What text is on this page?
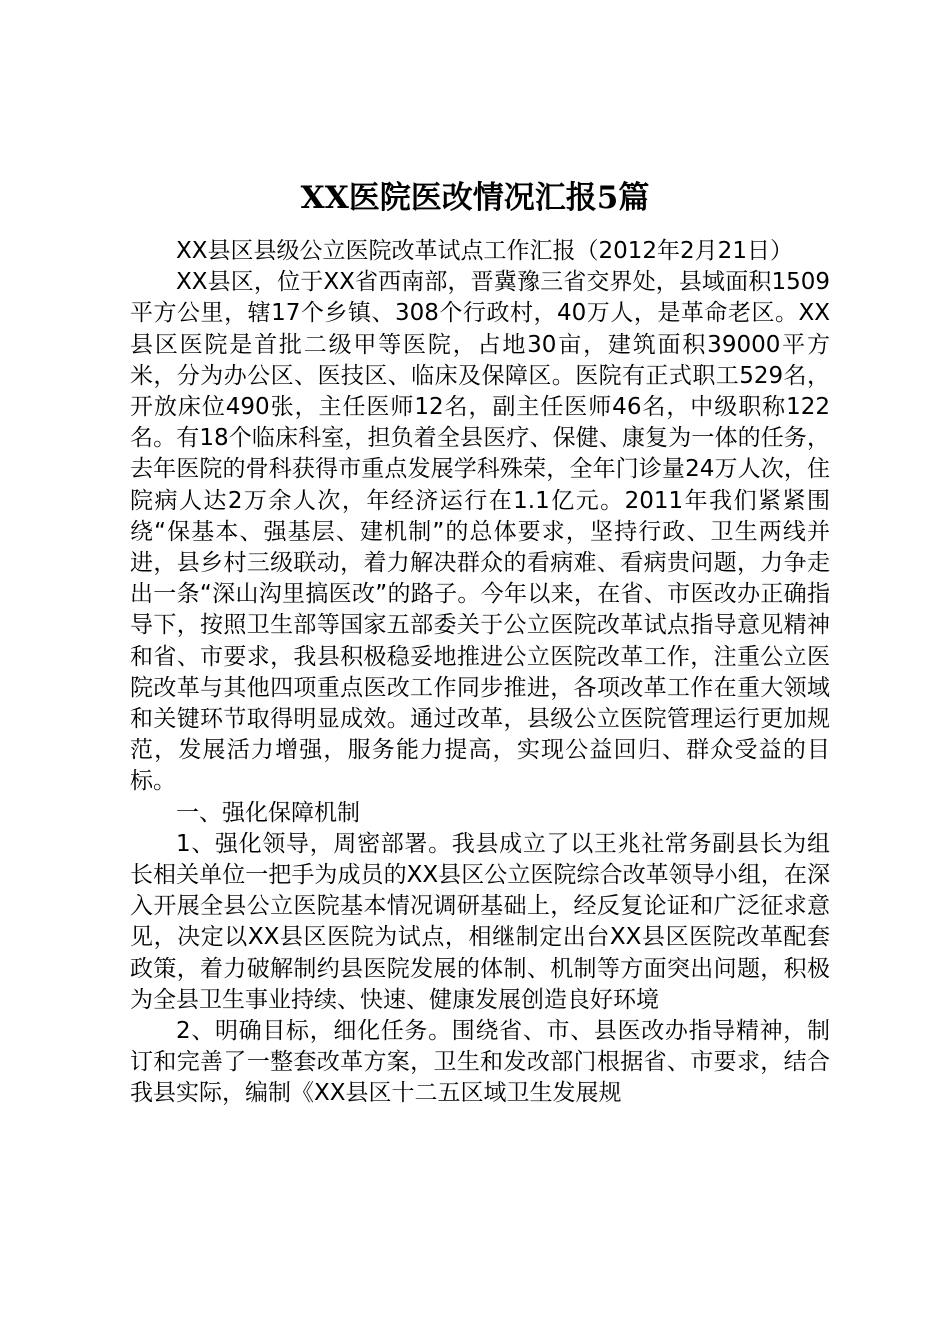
XX医院医改情况汇报5篇

XX县区县级公立医院改革试点工作汇报（2012年2月21日）

XX县区，位于XX省西南部，晋冀豫三省交界处，县域面积1509平方公里，辖17个乡镇、308个行政村，40万人，是革命老区。XX县区医院是首批二级甲等医院，占地30亩，建筑面积39000平方米，分为办公区、医技区、临床及保障区。医院有正式职工529名，开放床位490张，主任医师12名，副主任医师46名，中级职称122名。有18个临床科室，担负着全县医疗、保健、康复为一体的任务，去年医院的骨科获得市重点发展学科殊荣，全年门诊量24万人次，住院病人达2万余人次，年经济运行在1.1亿元。2011年我们紧紧围绕“保基本、强基层、建机制”的总体要求，坚持行政、卫生两线并进，县乡村三级联动，着力解决群众的看病难、看病贵问题，力争走出一条“深山沟里搞医改”的路子。今年以来，在省、市医改办正确指导下，按照卫生部等国家五部委关于公立医院改革试点指导意见精神和省、市要求，我县积极稳妥地推进公立医院改革工作，注重公立医院改革与其他四项重点医改工作同步推进，各项改革工作在重大领域和关键环节取得明显成效。通过改革，县级公立医院管理运行更加规范，发展活力增强，服务能力提高，实现公益回归、群众受益的目标。

一、强化保障机制

1、强化领导，周密部署。我县成立了以王兆社常务副县长为组长相关单位一把手为成员的XX县区公立医院综合改革领导小组，在深入开展全县公立医院基本情况调研基础上，经反复论证和广泛征求意见，决定以XX县区医院为试点，相继制定出台XX县区医院改革配套政策，着力破解制约县医院发展的体制、机制等方面突出问题，积极为全县卫生事业持续、快速、健康发展创造良好环境

2、明确目标，细化任务。围绕省、市、县医改办指导精神，制订和完善了一整套改革方案，卫生和发改部门根据省、市要求，结合我县实际，编制《XX县区十二五区域卫生发展规
